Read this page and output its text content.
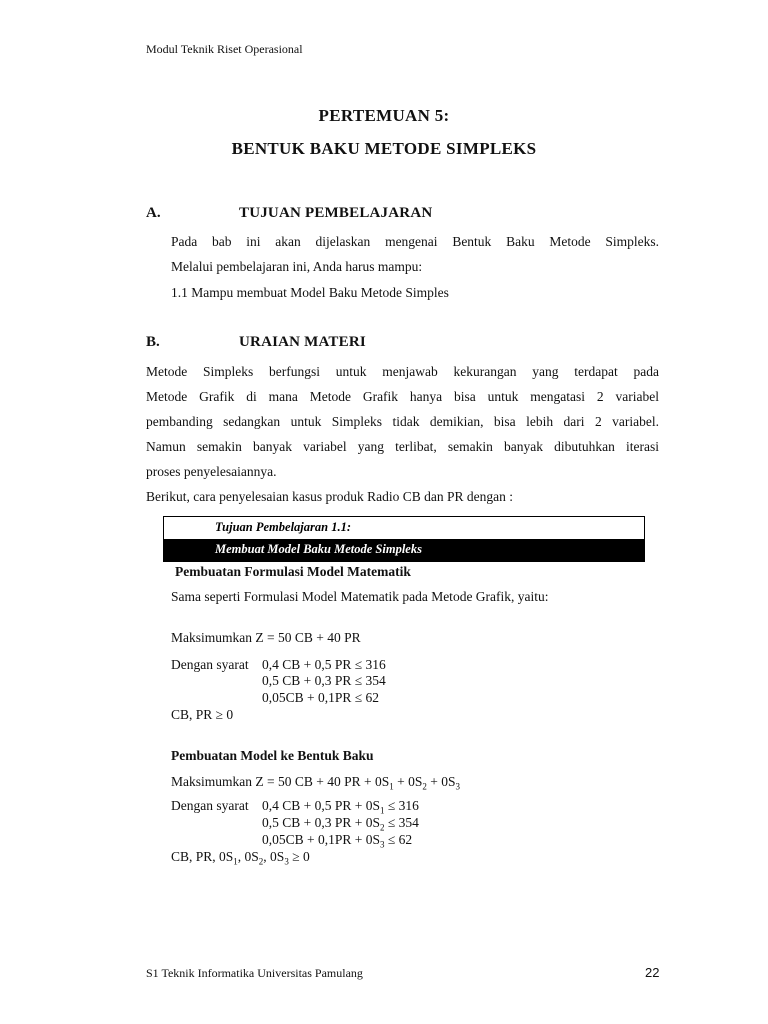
Modul Teknik Riset Operasional
PERTEMUAN 5:
BENTUK BAKU METODE SIMPLEKS
A.	TUJUAN PEMBELAJARAN
Pada bab ini akan dijelaskan mengenai Bentuk Baku Metode Simpleks.
Melalui pembelajaran ini, Anda harus mampu:
1.1 Mampu membuat Model Baku Metode Simples
B.	URAIAN MATERI
Metode Simpleks berfungsi untuk menjawab kekurangan yang terdapat pada
Metode Grafik di mana Metode Grafik hanya bisa untuk mengatasi 2 variabel
pembanding sedangkan untuk Simpleks tidak demikian, bisa lebih dari 2 variabel.
Namun semakin banyak variabel yang terlibat, semakin banyak dibutuhkan iterasi
proses penyelesaiannya.
Berikut, cara penyelesaian kasus produk Radio CB dan PR dengan :
Tujuan Pembelajaran 1.1:
Membuat Model Baku Metode Simpleks
Pembuatan Formulasi Model Matematik
Sama seperti Formulasi Model Matematik pada Metode Grafik, yaitu:
Maksimumkan Z = 50 CB + 40 PR
Dengan syarat 0,4 CB + 0,5 PR ≤ 316
0,5 CB + 0,3 PR ≤ 354
0,05CB + 0,1PR ≤ 62
CB, PR ≥ 0
Pembuatan Model ke Bentuk Baku
Maksimumkan Z = 50 CB + 40 PR + $0S_1 + 0S_2 + 0S_3$
Dengan syarat 0,4 CB + 0,5 PR + $0S_1 \le 316$
0,5 CB + 0,3 PR + $0S_2 \le 354$
$0,05CB + 0,1PR + 0S_3 \le 62$
CB, PR, $0S_1$, $0S_2$, $0S_3 \ge 0$
S1 Teknik Informatika Universitas Pamulang	22
